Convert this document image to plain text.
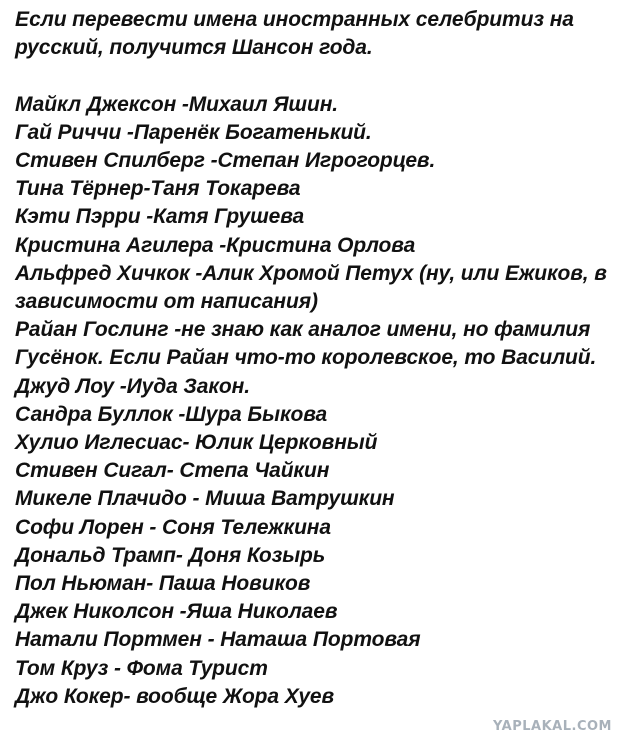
Если перевести имена иностранных селебритиз на
русский, получится Шансон года.
Майкл Джексон -Михаил Яшин.
Гай Риччи -Паренёк Богатенький.
Стивен Спилберг -Степан Игрогорцев.
Тина Тёрнер-Таня Токарева
Кэти Пэрри -Катя Грушева
Кристина Агилера -Кристина Орлова
Альфред Хичкок -Алик Хромой Петух (ну, или Ежиков, в
зависимости от написания)
Райан Гослинг -не знаю как аналог имени, но фамилия
Гусёнок. Если Райан что-то королевское, то Василий.
Джуд Лоу -Иуда Закон.
Сандра Буллок -Шура Быкова
Хулио Иглесиас- Юлик Церковный
Стивен Сигал- Степа Чайкин
Микеле Плачидо - Миша Ватрушкин
Софи Лорен - Соня Тележкина
Дональд Трамп- Доня Козырь
Пол Ньюман- Паша Новиков
Джек Николсон -Яша Николаев
Натали Портмен - Наташа Портовая
Том Круз - Фома Турист
Джо Кокер- вообще Жора Хуев
YAPLAKAL.COM
